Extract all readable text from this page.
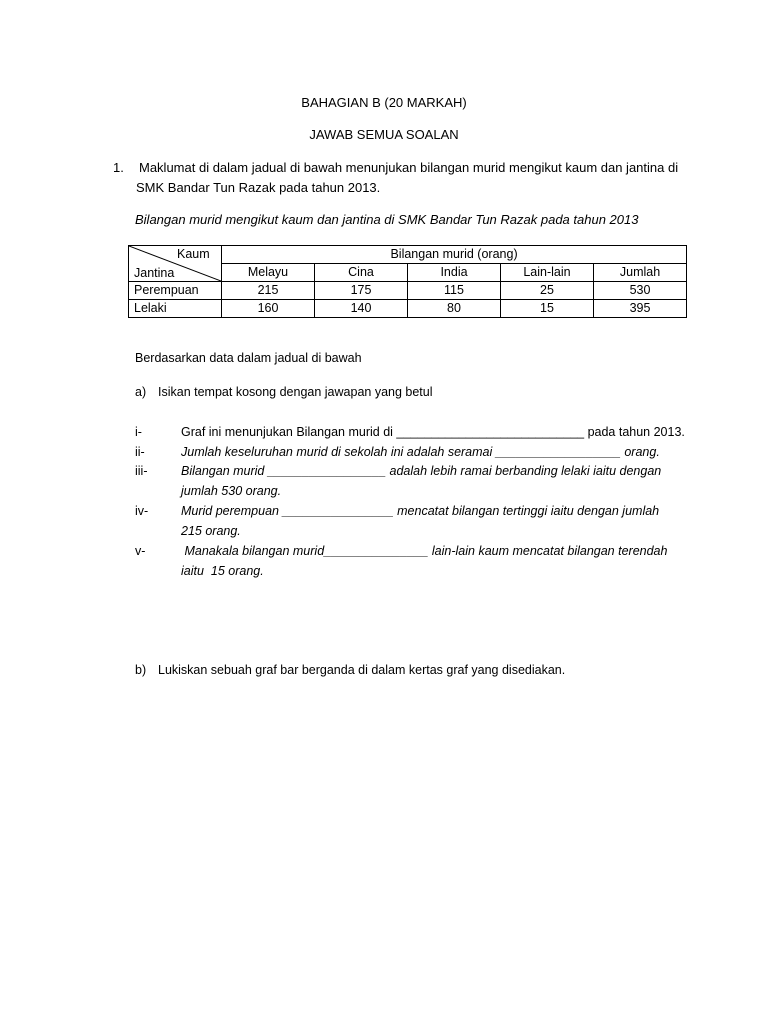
BAHAGIAN B (20 MARKAH)
JAWAB SEMUA SOALAN
1. Maklumat di dalam jadual di bawah menunjukan bilangan murid mengikut kaum dan jantina di
SMK Bandar Tun Razak pada tahun 2013.
Bilangan murid mengikut kaum dan jantina di SMK Bandar Tun Razak pada tahun 2013
Kaum
Jantina	Bilangan murid (orang)				
	Melayu	Cina	India	Lain-lain	Jumlah
Perempuan	215	175	115	25	530
Lelaki	160	140	80	15	395
Berdasarkan data dalam jadual di bawah
a) Isikan tempat kosong dengan jawapan yang betul
i-	Graf ini menunjukan Bilangan murid di ___________________________ pada tahun 2013.
ii-	Jumlah keseluruhan murid di sekolah ini adalah seramai __________________ orang.
iii-	Bilangan murid _________________ adalah lebih ramai berbanding lelaki iaitu dengan
jumlah 530 orang.
iv-	Murid perempuan ________________ mencatat bilangan tertinggi iaitu dengan jumlah
215 orang.
v-	Manakala bilangan murid_______________ lain-lain kaum mencatat bilangan terendah
iaitu  15 orang.
b) Lukiskan sebuah graf bar berganda di dalam kertas graf yang disediakan.
